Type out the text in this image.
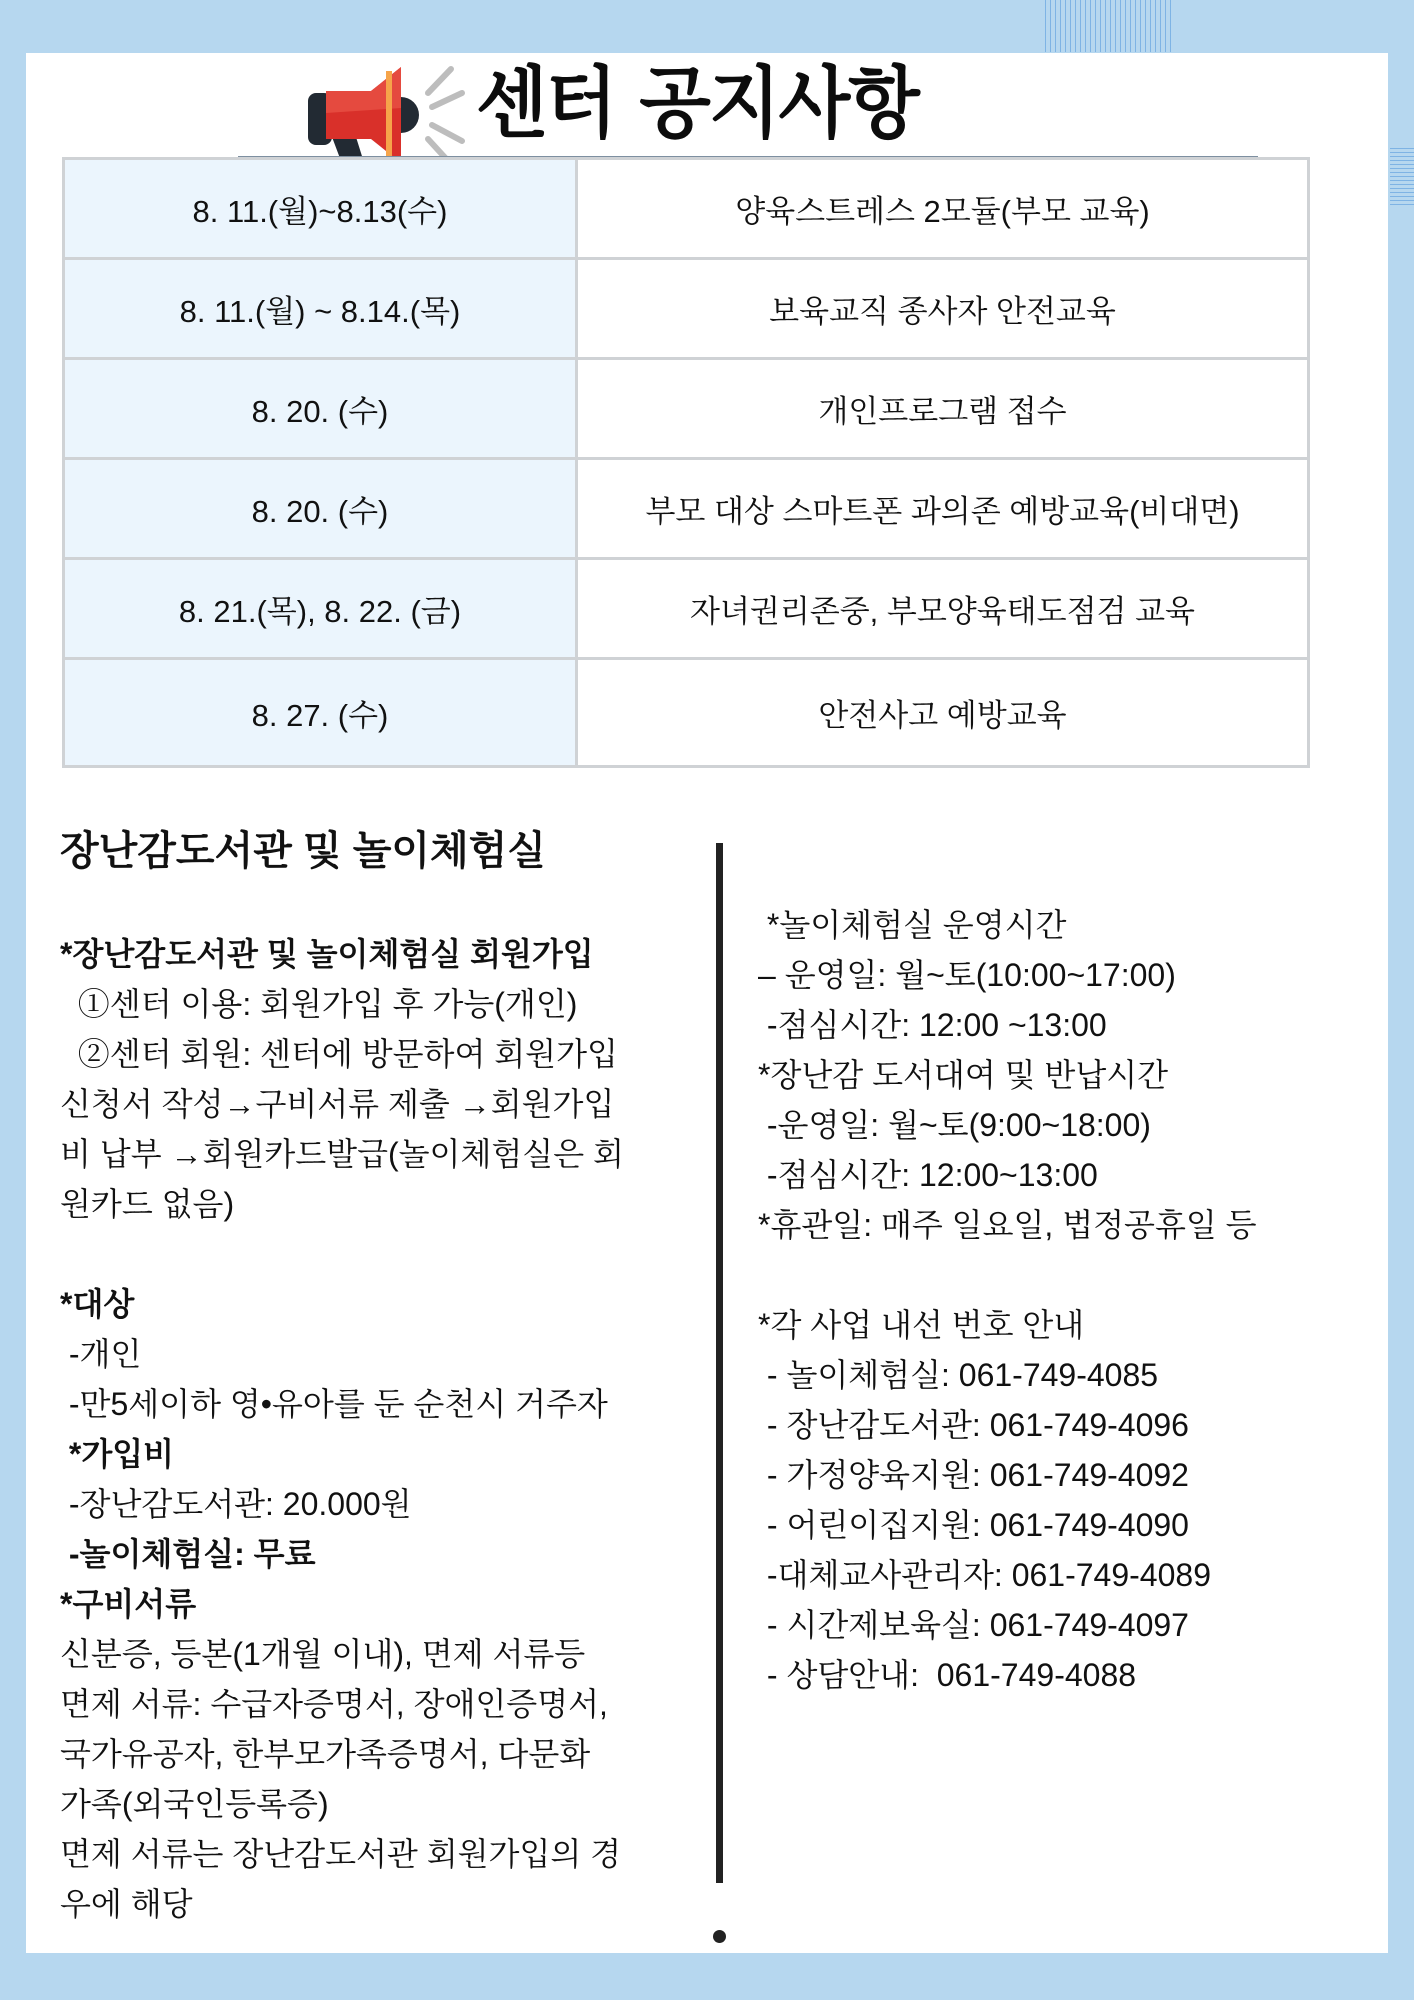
센터 공지사항
8. 11.(월)~8.13(수)	양육스트레스 2모듈(부모 교육)
8. 11.(월) ~ 8.14.(목)	보육교직 종사자 안전교육
8. 20. (수)	개인프로그램 접수
8. 20. (수)	부모 대상 스마트폰 과의존 예방교육(비대면)
8. 21.(목), 8. 22. (금)	자녀권리존중, 부모양육태도점검 교육
8. 27. (수)	안전사고 예방교육
장난감도서관 및 놀이체험실
*장난감도서관 및 놀이체험실 회원가입
①센터 이용: 회원가입 후 가능(개인)
②센터 회원: 센터에 방문하여 회원가입
신청서 작성→구비서류 제출 →회원가입
비 납부 →회원카드발급(놀이체험실은 회
원카드 없음)
*대상
-개인
-만5세이하 영•유아를 둔 순천시 거주자
*가입비
-장난감도서관: 20.000원
-놀이체험실: 무료
*구비서류
신분증, 등본(1개월 이내), 면제 서류등
면제 서류: 수급자증명서, 장애인증명서,
국가유공자, 한부모가족증명서, 다문화
가족(외국인등록증)
면제 서류는 장난감도서관 회원가입의 경
우에 해당
*놀이체험실 운영시간
– 운영일: 월~토(10:00~17:00)
-점심시간: 12:00 ~13:00
*장난감 도서대여 및 반납시간
-운영일: 월~토(9:00~18:00)
-점심시간: 12:00~13:00
*휴관일: 매주 일요일, 법정공휴일 등
*각 사업 내선 번호 안내
- 놀이체험실: 061-749-4085
- 장난감도서관: 061-749-4096
- 가정양육지원: 061-749-4092
- 어린이집지원: 061-749-4090
-대체교사관리자: 061-749-4089
- 시간제보육실: 061-749-4097
- 상담안내:  061-749-4088
